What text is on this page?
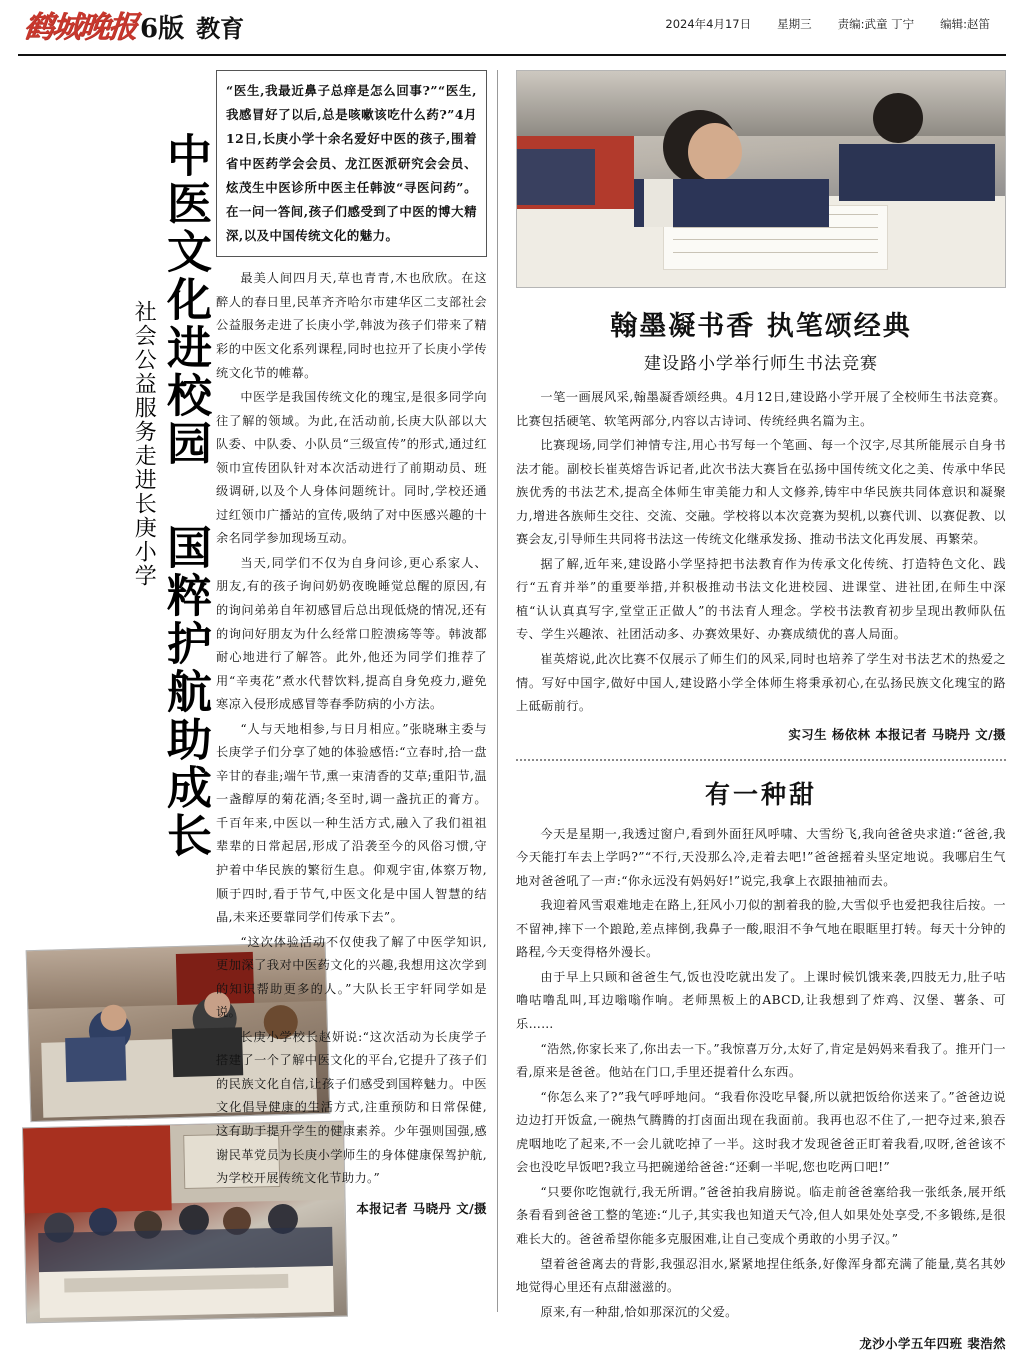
鹤城晚报 6版 教育	2024年4月17日 星期三 责编:武童 丁宁 编辑:赵笛
中医文化进校园 国粹护航助成长
社会公益服务走进长庚小学
“医生,我最近鼻子总痒是怎么回事?”“医生,我感冒好了以后,总是咳嗽该吃什么药?”4月12日,长庚小学十余名爱好中医的孩子,围着省中医药学会会员、龙江医派研究会会员、炫茂生中医诊所中医主任韩波“寻医问药”。在一问一答间,孩子们感受到了中医的博大精深,以及中国传统文化的魅力。

最美人间四月天,草也青青,木也欣欣。在这醉人的春日里,民革齐齐哈尔市建华区二支部社会公益服务走进了长庚小学,韩波为孩子们带来了精彩的中医文化系列课程,同时也拉开了长庚小学传统文化节的帷幕。

中医学是我国传统文化的瑰宝,是很多同学向往了解的领域。为此,在活动前,长庚大队部以大队委、中队委、小队员“三级宣传”的形式,通过红领巾宣传团队针对本次活动进行了前期动员、班级调研,以及个人身体问题统计。同时,学校还通过红领巾广播站的宣传,吸纳了对中医感兴趣的十余名同学参加现场互动。

当天,同学们不仅为自身问诊,更心系家人、朋友,有的孩子询问奶奶夜晚睡觉总醒的原因,有的询问弟弟自年初感冒后总出现低烧的情况,还有的询问好朋友为什么经常口腔溃疡等等。韩波都耐心地进行了解答。此外,他还为同学们推荐了用“辛夷花”煮水代替饮料,提高自身免疫力,避免寒凉入侵形成感冒等春季防病的小方法。

“人与天地相参,与日月相应。”张晓琳主委与长庚学子们分享了她的体验感悟:“立春时,拾一盘辛甘的春韭;端午节,熏一束清香的艾草;重阳节,温一盏醇厚的菊花酒;冬至时,调一盏抗正的膏方。千百年来,中医以一种生活方式,融入了我们祖祖辈辈的日常起居,形成了沿袭至今的风俗习惯,守护着中华民族的繁衍生息。仰观宇宙,体察万物,顺于四时,看于节气,中医文化是中国人智慧的结晶,未来还要靠同学们传承下去”。

“这次体验活动不仅使我了解了中医学知识,更加深了我对中医药文化的兴趣,我想用这次学到的知识帮助更多的人。”大队长王宇轩同学如是说。

长庚小学校长赵妍说:“这次活动为长庚学子搭建了一个了解中医文化的平台,它提升了孩子们的民族文化自信,让孩子们感受到国粹魅力。中医文化倡导健康的生活方式,注重预防和日常保健,这有助于提升学生的健康素养。少年强则国强,感谢民革党员为长庚小学师生的身体健康保驾护航,为学校开展传统文化节助力。”

本报记者 马晓丹 文/摄
翰墨凝书香 执笔颂经典
建设路小学举行师生书法竞赛

一笔一画展风采,翰墨凝香颂经典。4月12日,建设路小学开展了全校师生书法竞赛。比赛包括硬笔、软笔两部分,内容以古诗词、传统经典名篇为主。

比赛现场,同学们神情专注,用心书写每一个笔画、每一个汉字,尽其所能展示自身书法才能。副校长崔英熔告诉记者,此次书法大赛旨在弘扬中国传统文化之美、传承中华民族优秀的书法艺术,提高全体师生审美能力和人文修养,铸牢中华民族共同体意识和凝聚力,增进各族师生交往、交流、交融。学校将以本次竞赛为契机,以赛代训、以赛促教、以赛会友,引导师生共同将书法这一传统文化继承发扬、推动书法文化再发展、再繁荣。

据了解,近年来,建设路小学坚持把书法教育作为传承文化传统、打造特色文化、践行“五育并举”的重要举措,并积极推动书法文化进校园、进课堂、进社团,在师生中深植“认认真真写字,堂堂正正做人”的书法育人理念。学校书法教育初步呈现出教师队伍专、学生兴趣浓、社团活动多、办赛效果好、办赛成绩优的喜人局面。

崔英熔说,此次比赛不仅展示了师生们的风采,同时也培养了学生对书法艺术的热爱之情。写好中国字,做好中国人,建设路小学全体师生将秉承初心,在弘扬民族文化瑰宝的路上砥砺前行。

实习生 杨依林 本报记者 马晓丹 文/摄
有一种甜

今天是星期一,我透过窗户,看到外面狂风呼啸、大雪纷飞,我向爸爸央求道:“爸爸,我今天能打车去上学吗?”“不行,天没那么冷,走着去吧!”爸爸摇着头坚定地说。我哪启生气地对爸爸吼了一声:“你永远没有妈妈好!”说完,我拿上衣跟抽袖而去。

我迎着风雪艰难地走在路上,狂风小刀似的割着我的脸,大雪似乎也爱把我往后按。一不留神,摔下一个踉跄,差点摔倒,我鼻子一酸,眼泪不争气地在眼眶里打转。每天十分钟的路程,今天变得格外漫长。

由于早上只顾和爸爸生气,饭也没吃就出发了。上课时候饥饿来袭,四肢无力,肚子咕噜咕噜乱叫,耳边嗡嗡作响。老师黑板上的ABCD,让我想到了炸鸡、汉堡、薯条、可乐……

“浩然,你家长来了,你出去一下。”我惊喜万分,太好了,肯定是妈妈来看我了。推开门一看,原来是爸爸。他站在门口,手里还提着什么东西。

“你怎么来了?”我气呼呼地问。“我看你没吃早餐,所以就把饭给你送来了。”爸爸边说边边打开饭盒,一碗热气腾腾的打卤面出现在我面前。我再也忍不住了,一把夺过来,狼吞虎咽地吃了起来,不一会儿就吃掉了一半。这时我才发现爸爸正盯着我看,叹呀,爸爸该不会也没吃早饭吧?我立马把碗递给爸爸:“还剩一半呢,您也吃两口吧!”

“只要你吃饱就行,我无所谓。”爸爸拍我肩膀说。临走前爸爸塞给我一张纸条,展开纸条看看到爸爸工整的笔迹:“儿子,其实我也知道天气冷,但人如果处处享受,不多锻练,是很难长大的。爸爸希望你能多克服困难,让自己变成个勇敢的小男子汉。”

望着爸爸离去的背影,我强忍泪水,紧紧地捏住纸条,好像浑身都充满了能量,莫名其妙地觉得心里还有点甜滋滋的。

原来,有一种甜,恰如那深沉的父爱。

龙沙小学五年四班 裴浩然
